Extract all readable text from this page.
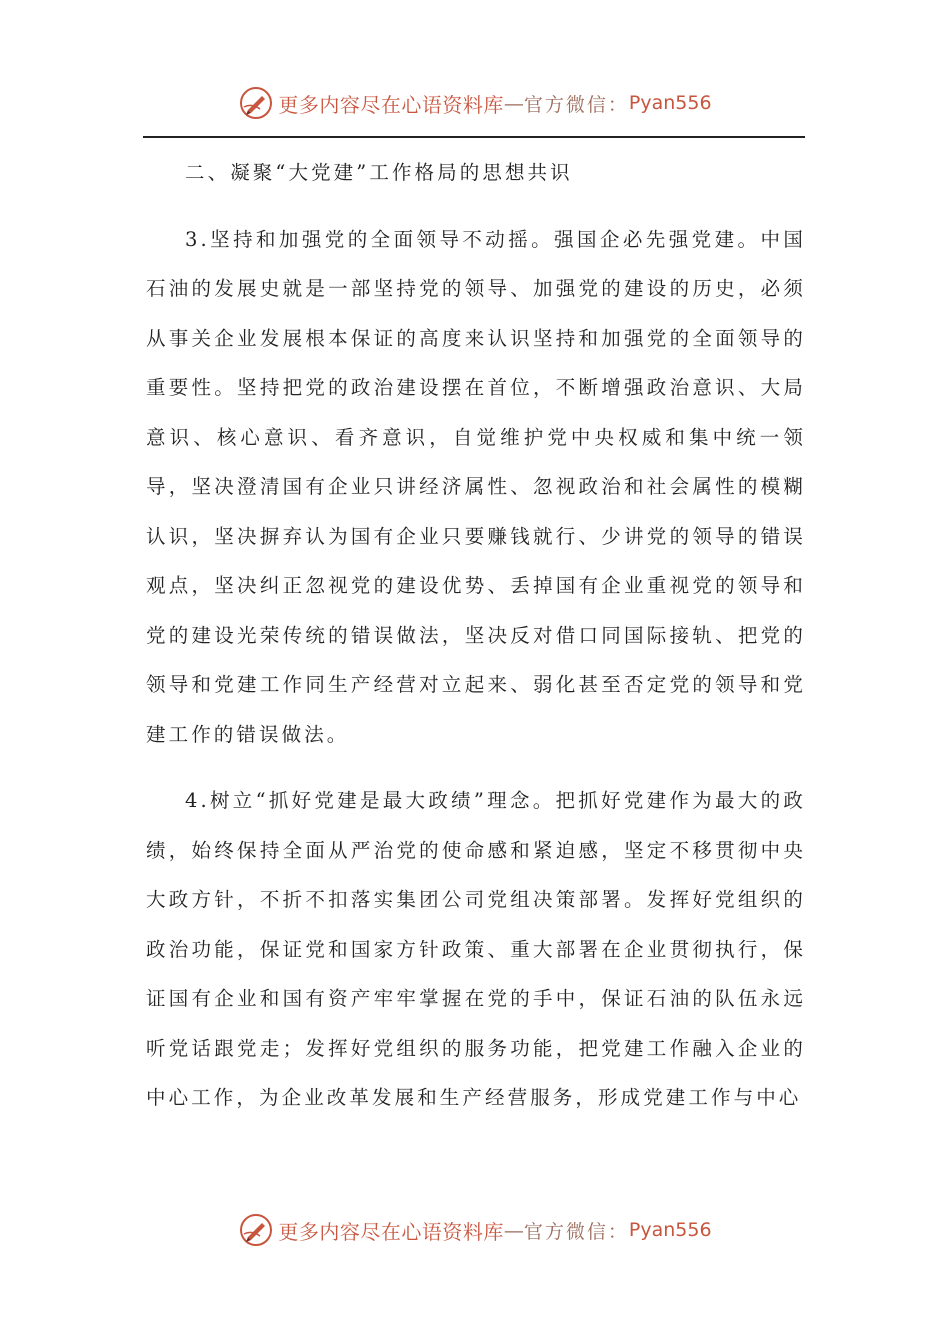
更多内容尽在心语资料库 — 官方微信： Pyan556

二、凝聚“大党建”工作格局的思想共识

3.坚持和加强党的全面领导不动摇。强国企必先强党建。中国石油的发展史就是一部坚持党的领导、加强党的建设的历史，必须从事关企业发展根本保证的高度来认识坚持和加强党的全面领导的重要性。坚持把党的政治建设摆在首位，不断增强政治意识、大局意识、核心意识、看齐意识，自觉维护党中央权威和集中统一领导，坚决澄清国有企业只讲经济属性、忽视政治和社会属性的模糊认识，坚决摒弃认为国有企业只要赚钱就行、少讲党的领导的错误观点，坚决纠正忽视党的建设优势、丢掉国有企业重视党的领导和党的建设光荣传统的错误做法，坚决反对借口同国际接轨、把党的领导和党建工作同生产经营对立起来、弱化甚至否定党的领导和党建工作的错误做法。

4.树立“抓好党建是最大政绩”理念。把抓好党建作为最大的政绩，始终保持全面从严治党的使命感和紧迫感，坚定不移贯彻中央大政方针，不折不扣落实集团公司党组决策部署。发挥好党组织的政治功能，保证党和国家方针政策、重大部署在企业贯彻执行，保证国有企业和国有资产牢牢掌握在党的手中，保证石油的队伍永远听党话跟党走；发挥好党组织的服务功能，把党建工作融入企业的中心工作，为企业改革发展和生产经营服务，形成党建工作与中心

更多内容尽在心语资料库 — 官方微信： Pyan556
